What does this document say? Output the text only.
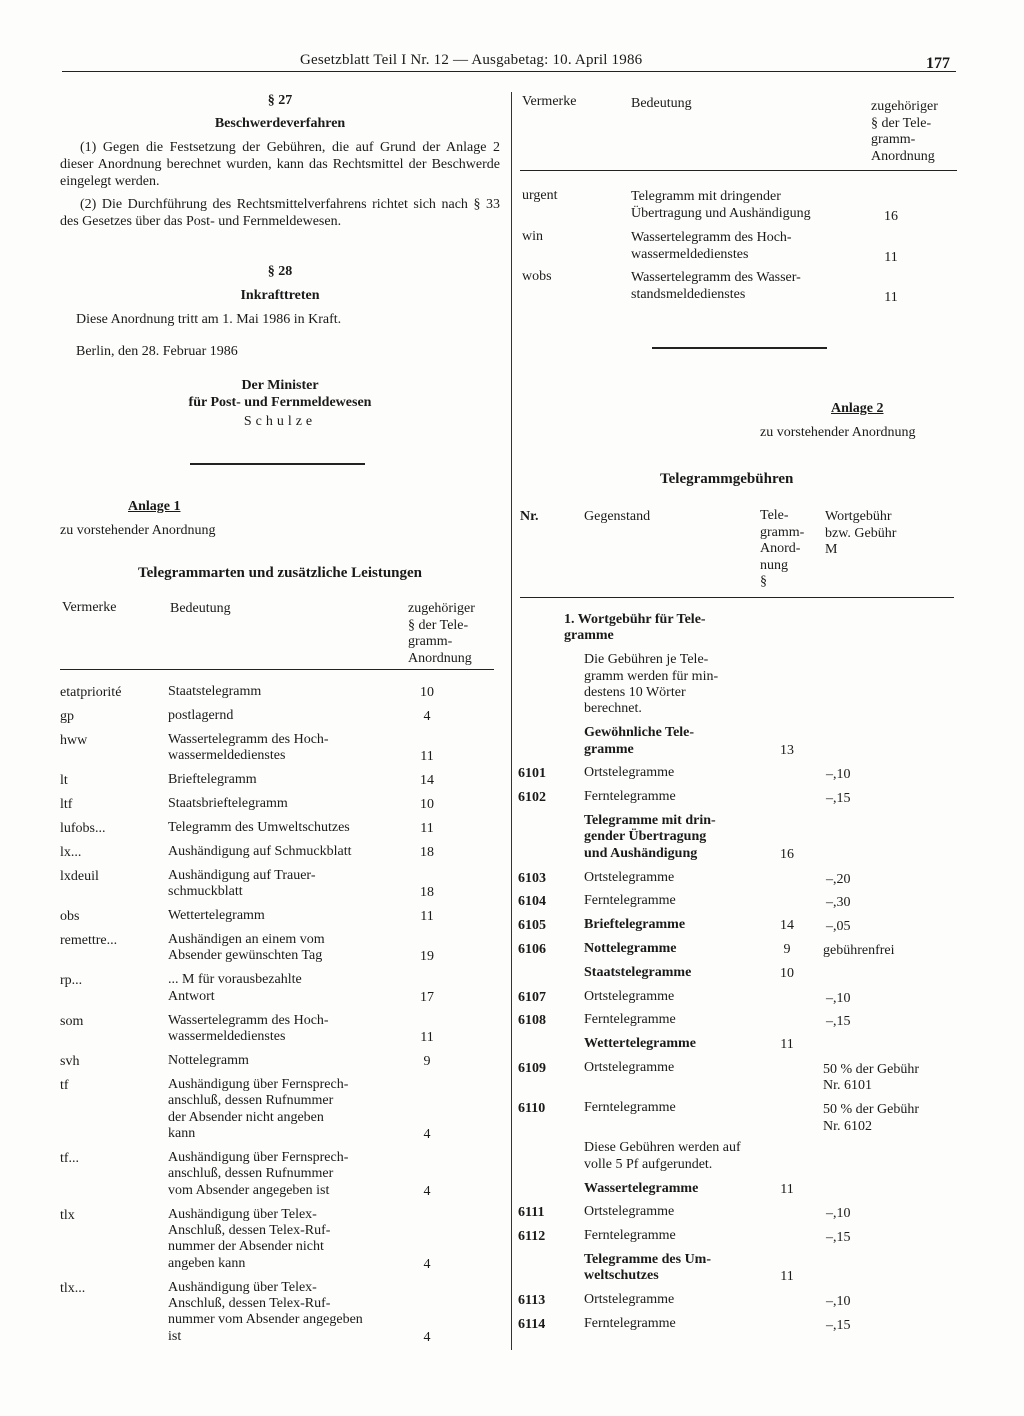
Gesetzblatt Teil I Nr. 12 — Ausgabetag: 10. April 1986	177
§ 27
Beschwerdeverfahren
(1) Gegen die Festsetzung der Gebühren, die auf Grund der Anlage 2 dieser Anordnung berechnet wurden, kann das Rechtsmittel der Beschwerde eingelegt werden.
(2) Die Durchführung des Rechtsmittelverfahrens richtet sich nach § 33 des Gesetzes über das Post- und Fernmeldewesen.
§ 28
Inkrafttreten
Diese Anordnung tritt am 1. Mai 1986 in Kraft.
Berlin, den 28. Februar 1986
Der Minister
für Post- und Fernmeldewesen
Schulze
Anlage 1
zu vorstehender Anordnung
Telegrammarten und zusätzliche Leistungen
Vermerke	Bedeutung	zugehöriger
§ der Tele-
gramm-
Anordnung
etatpriorité	Staatstelegramm	10
gp	postlagernd	4
hww	Wassertelegramm des Hoch-
wassermeldedienstes	11
lt	Brieftelegramm	14
ltf	Staatsbrieftelegramm	10
lufobs...	Telegramm des Umweltschutzes	11
lx...	Aushändigung auf Schmuckblatt	18
lxdeuil	Aushändigung auf Trauer-
schmuckblatt	18
obs	Wettertelegramm	11
remettre...	Aushändigen an einem vom
Absender gewünschten Tag	19
rp...	... M für vorausbezahlte
Antwort	17
som	Wassertelegramm des Hoch-
wassermeldedienstes	11
svh	Nottelegramm	9
tf	Aushändigung über Fernsprech-
anschluß, dessen Rufnummer
der Absender nicht angeben
kann	4
tf...	Aushändigung über Fernsprech-
anschluß, dessen Rufnummer
vom Absender angegeben ist	4
tlx	Aushändigung über Telex-
Anschluß, dessen Telex-Ruf-
nummer der Absender nicht
angeben kann	4
tlx...	Aushändigung über Telex-
Anschluß, dessen Telex-Ruf-
nummer vom Absender angegeben
ist	4
Vermerke	Bedeutung	zugehöriger
§ der Tele-
gramm-
Anordnung
urgent	Telegramm mit dringender
Übertragung und Aushändigung	16
win	Wassertelegramm des Hoch-
wassermeldedienstes	11
wobs	Wassertelegramm des Wasser-
standsmeldedienstes	11
Anlage 2
zu vorstehender Anordnung
Telegrammgebühren
Nr.	Gegenstand	Tele-
gramm-
Anord-
nung
§
Wortgebühr
bzw. Gebühr
M
1. Wortgebühr für Tele-
gramme
Die Gebühren je Tele-
gramm werden für min-
destens 10 Wörter
berechnet.
Gewöhnliche Tele-
gramme	13
6101	Ortstelegramme	–,10
6102	Ferntelegramme	–,15
Telegramme mit drin-
gender Übertragung
und Aushändigung	16
6103	Ortstelegramme	–,20
6104	Ferntelegramme	–,30
6105	Brieftelegramme	14	–,05
6106	Nottelegramme	9	gebührenfrei
Staatstelegramme	10
6107	Ortstelegramme	–,10
6108	Ferntelegramme	–,15
Wettertelegramme	11
6109	Ortstelegramme	50 % der Gebühr
Nr. 6101
6110	Ferntelegramme	50 % der Gebühr
Nr. 6102
Diese Gebühren werden auf
volle 5 Pf aufgerundet.
Wassertelegramme	11
6111	Ortstelegramme	–,10
6112	Ferntelegramme	–,15
Telegramme des Um-
weltschutzes	11
6113	Ortstelegramme	–,10
6114	Ferntelegramme	–,15
